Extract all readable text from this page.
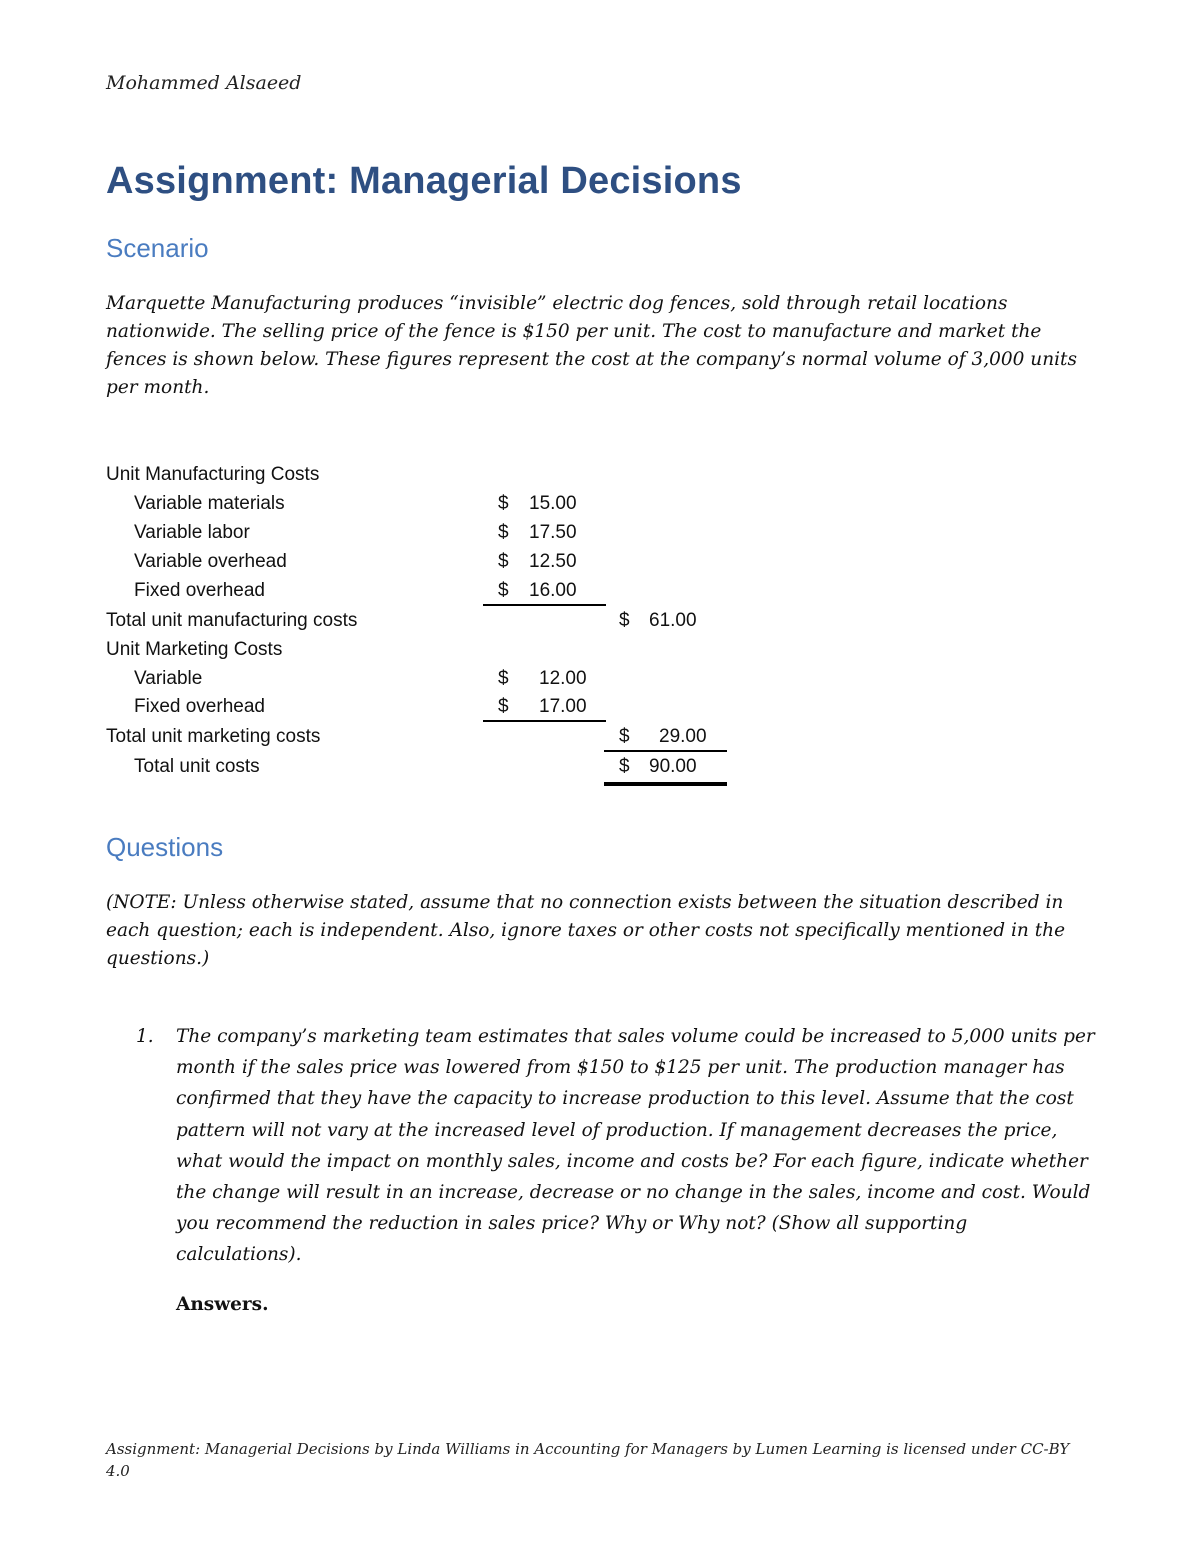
Mohammed Alsaeed
Assignment: Managerial Decisions
Scenario
Marquette Manufacturing produces “invisible” electric dog fences, sold through retail locations nationwide. The selling price of the fence is $150 per unit. The cost to manufacture and market the fences is shown below. These figures represent the cost at the company’s normal volume of 3,000 units per month.
Unit Manufacturing Costs
Variable materials	$ 15.00
Variable labor	$ 17.50
Variable overhead	$ 12.50
Fixed overhead	$ 16.00
Total unit manufacturing costs	$ 61.00
Unit Marketing Costs
Variable	$ 12.00
Fixed overhead	$ 17.00
Total unit marketing costs	$ 29.00
Total unit costs	$ 90.00
Questions
(NOTE: Unless otherwise stated, assume that no connection exists between the situation described in each question; each is independent. Also, ignore taxes or other costs not specifically mentioned in the questions.)
1. The company’s marketing team estimates that sales volume could be increased to 5,000 units per month if the sales price was lowered from $150 to $125 per unit. The production manager has confirmed that they have the capacity to increase production to this level. Assume that the cost pattern will not vary at the increased level of production. If management decreases the price, what would the impact on monthly sales, income and costs be? For each figure, indicate whether the change will result in an increase, decrease or no change in the sales, income and cost. Would you recommend the reduction in sales price? Why or Why not? (Show all supporting calculations).
Answers.
Assignment: Managerial Decisions by Linda Williams in Accounting for Managers by Lumen Learning is licensed under CC-BY 4.0
